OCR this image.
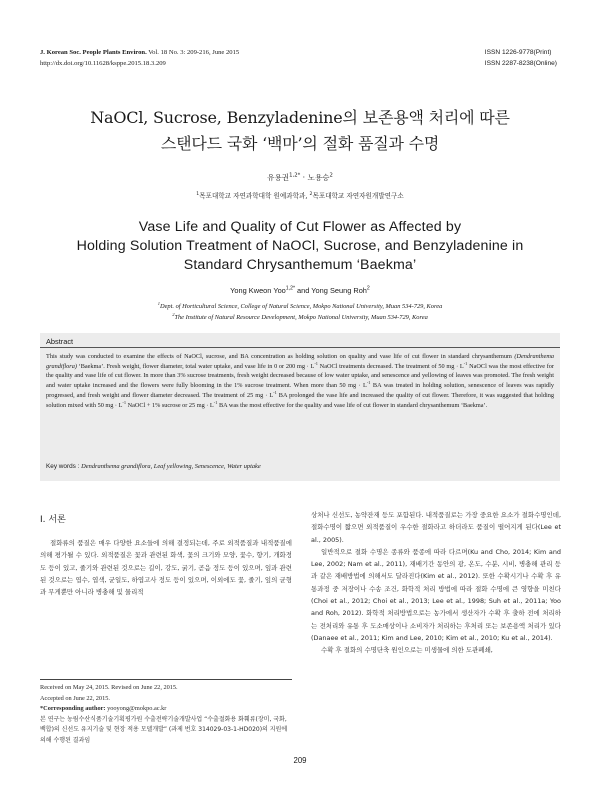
J. Korean Soc. People Plants Environ. Vol. 18 No. 3: 209-216, June 2015
http://dx.doi.org/10.11628/ksppe.2015.18.3.209
ISSN 1226-9778(Print)
ISSN 2287-8238(Online)
NaOCl, Sucrose, Benzyladenine의 보존용액 처리에 따른
스탠다드 국화 ‘백마’의 절화 품질과 수명
유용권$^{1,2*}$ · 노용승$^2$
$^1$목포대학교 자연과학대학 원예과학과, $^2$목포대학교 자연자원개발연구소
Vase Life and Quality of Cut Flower as Affected by
Holding Solution Treatment of NaOCl, Sucrose, and Benzyladenine in
Standard Chrysanthemum ‘Baekma’
Yong Kweon Yoo$^{1,2*}$ and Yong Seung Roh$^2$
$^1$Dept. of Horticultural Science, College of Natural Science, Mokpo National University, Muan 534-729, Korea
$^2$The Institute of Natural Resource Development, Mokpo National University, Muan 534-729, Korea
Abstract
This study was conducted to examine the effects of NaOCl, sucrose, and BA concentration as holding solution on quality and vase life of cut flower in standard chrysanthemum (Dendranthema grandiflora) ‘Baekma’. Fresh weight, flower diameter, total water uptake, and vase life in 0 or 200 mg · $L^{-1}$ NaOCl treatments decreased. The treatment of 50 mg · $L^{-1}$ NaOCl was the most effective for the quality and vase life of cut flower. In more than 3% sucrose treatments, fresh weight decreased because of low water uptake, and senescence and yellowing of leaves was promoted. The fresh weight and water uptake increased and the flowers were fully blooming in the 1% sucrose treatment. When more than 50 mg · $L^{-1}$ BA was treated in holding solution, senescence of leaves was rapidly progressed, and fresh weight and flower diameter decreased. The treatment of 25 mg · $L^{-1}$ BA prolonged the vase life and increased the quality of cut flower. Therefore, it was suggested that holding solution mixed with 50 mg · $L^{-1}$ NaOCl + 1% sucrose or 25 mg · $L^{-1}$ BA was the most effective for the quality and vase life of cut flower in standard chrysanthemum ‘Baekma’.
Key words : Dendranthema grandiflora, Leaf yellowing, Senescence, Water uptake
Ⅰ. 서론

절화류의 품질은 매우 다양한 요소들에 의해 결정되는데, 주로 외적품질과 내적품질에 의해 평가될 수 있다. 외적품질은 꽃과 관련된 화색, 꽃의 크기와 모양, 꽃수, 향기, 개화정도 등이 있고, 줄기와 관련된 것으로는 길이, 강도, 굵기, 곧음 정도 등이 있으며, 잎과 관련된 것으로는 엽수, 엽색, 균일도, 하엽고사 정도 등이 있으며, 이외에도 꽃, 줄기, 잎의 균형과 무게뿐만 아니라 병충해 및 물리적

Received on May 24, 2015. Revised on June 22, 2015.

Accepted on June 22, 2015.

*Corresponding author: yooyong@mokpo.ac.kr

본 연구는 농림수산식품기술기획평가원 수출전략기술개발사업 “수출절화용 화훼류(장미, 국화, 백합)의 신선도 유지기술 및 현장 적용 모델개발” (과제 번호 314029-03-1-HD020)의 지원에 의해 수행된 결과임

상처나 신선도, 농약잔재 등도 포함된다. 내적품질로는 가장 중요한 요소가 절화수명인데, 절화수명이 짧으면 외적품질이 우수한 절화라고 하더라도 품질이 떨어지게 된다(Lee et al., 2005).

일반적으로 절화 수명은 종류와 품종에 따라 다르며(Ku and Cho, 2014; Kim and Lee, 2002; Nam et al., 2011), 재배기간 동안의 광, 온도, 수분, 시비, 병충해 관리 등과 같은 재배방법에 의해서도 달라진다(Kim et al., 2012). 또한 수확시기나 수확 후 유통과정 중 저장이나 수송 조건, 화학적 처리 방법에 따라 절화 수명에 큰 영향을 미친다 (Choi et al., 2012; Choi et al., 2013; Lee et al., 1998; Suh et al., 2011a; Yoo and Roh, 2012). 화학적 처리방법으로는 농가에서 생산자가 수확 후 출하 전에 처리하는 전처리와 유통 후 도소매상이나 소비자가 처리하는 후처리 또는 보존용액 처리가 있다(Danaee et al., 2011; Kim and Lee, 2010; Kim et al., 2010; Ku et al., 2014).

수확 후 절화의 수명단축 원인으로는 미생물에 의한 도관폐쇄,

209
